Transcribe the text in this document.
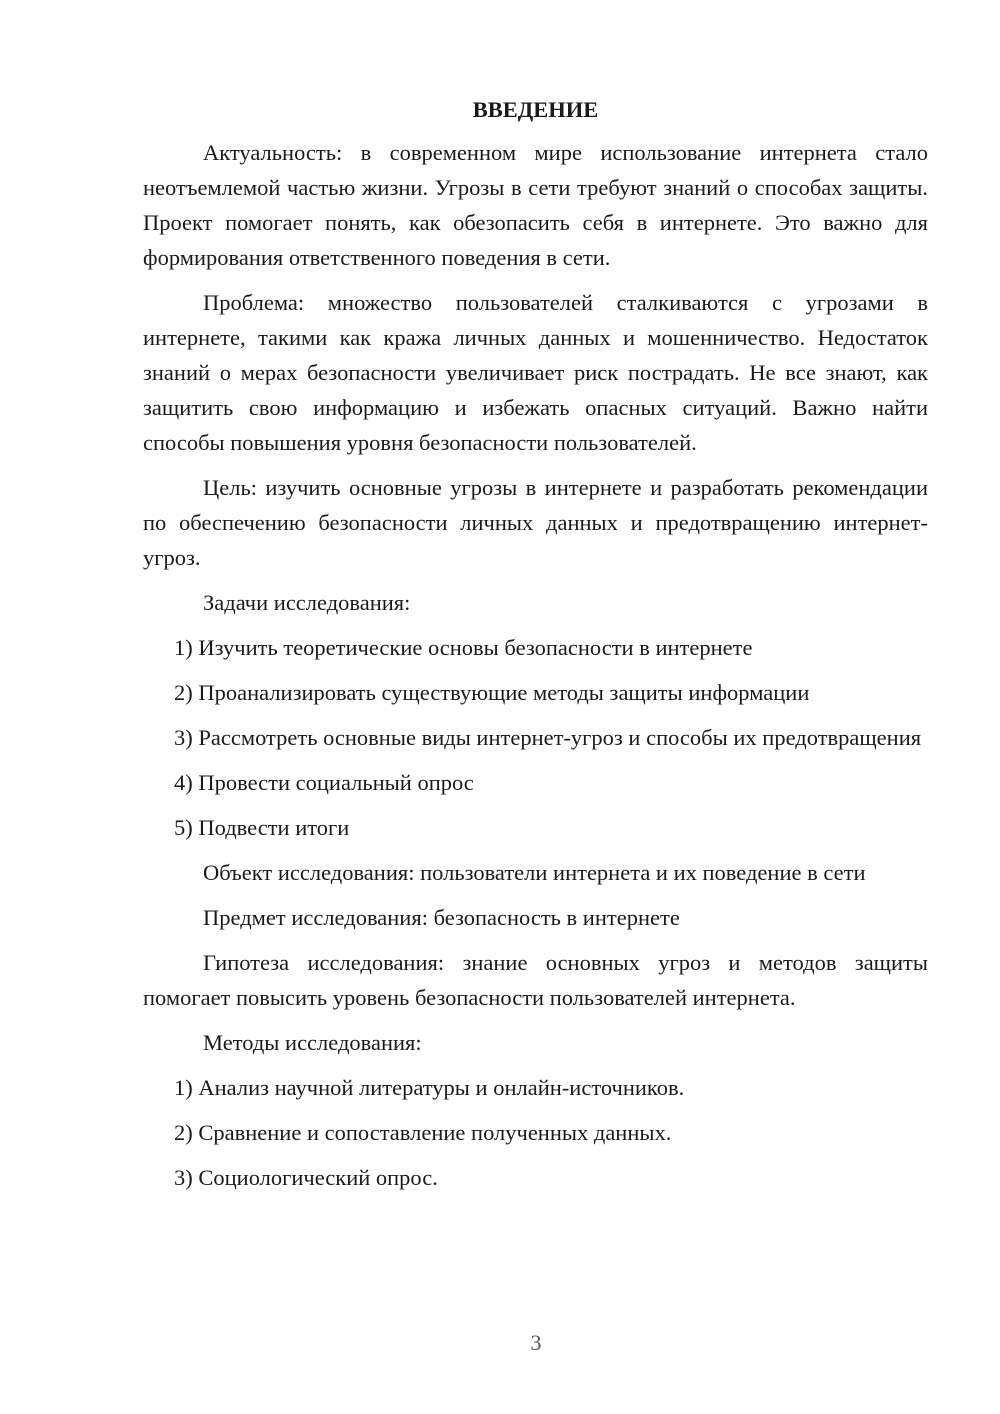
ВВЕДЕНИЕ

Актуальность: в современном мире использование интернета стало неотъемлемой частью жизни. Угрозы в сети требуют знаний о способах защиты. Проект помогает понять, как обезопасить себя в интернете. Это важно для формирования ответственного поведения в сети.

Проблема: множество пользователей сталкиваются с угрозами в интернете, такими как кража личных данных и мошенничество. Недостаток знаний о мерах безопасности увеличивает риск пострадать. Не все знают, как защитить свою информацию и избежать опасных ситуаций. Важно найти способы повышения уровня безопасности пользователей.

Цель: изучить основные угрозы в интернете и разработать рекомендации по обеспечению безопасности личных данных и предотвращению интернет-угроз.

Задачи исследования:

1) Изучить теоретические основы безопасности в интернете

2) Проанализировать существующие методы защиты информации

3) Рассмотреть основные виды интернет-угроз и способы их предотвращения

4) Провести социальный опрос

5) Подвести итоги

Объект исследования: пользователи интернета и их поведение в сети

Предмет исследования: безопасность в интернете

Гипотеза исследования: знание основных угроз и методов защиты помогает повысить уровень безопасности пользователей интернета.

Методы исследования:

1) Анализ научной литературы и онлайн-источников.

2) Сравнение и сопоставление полученных данных.

3) Социологический опрос.

3
